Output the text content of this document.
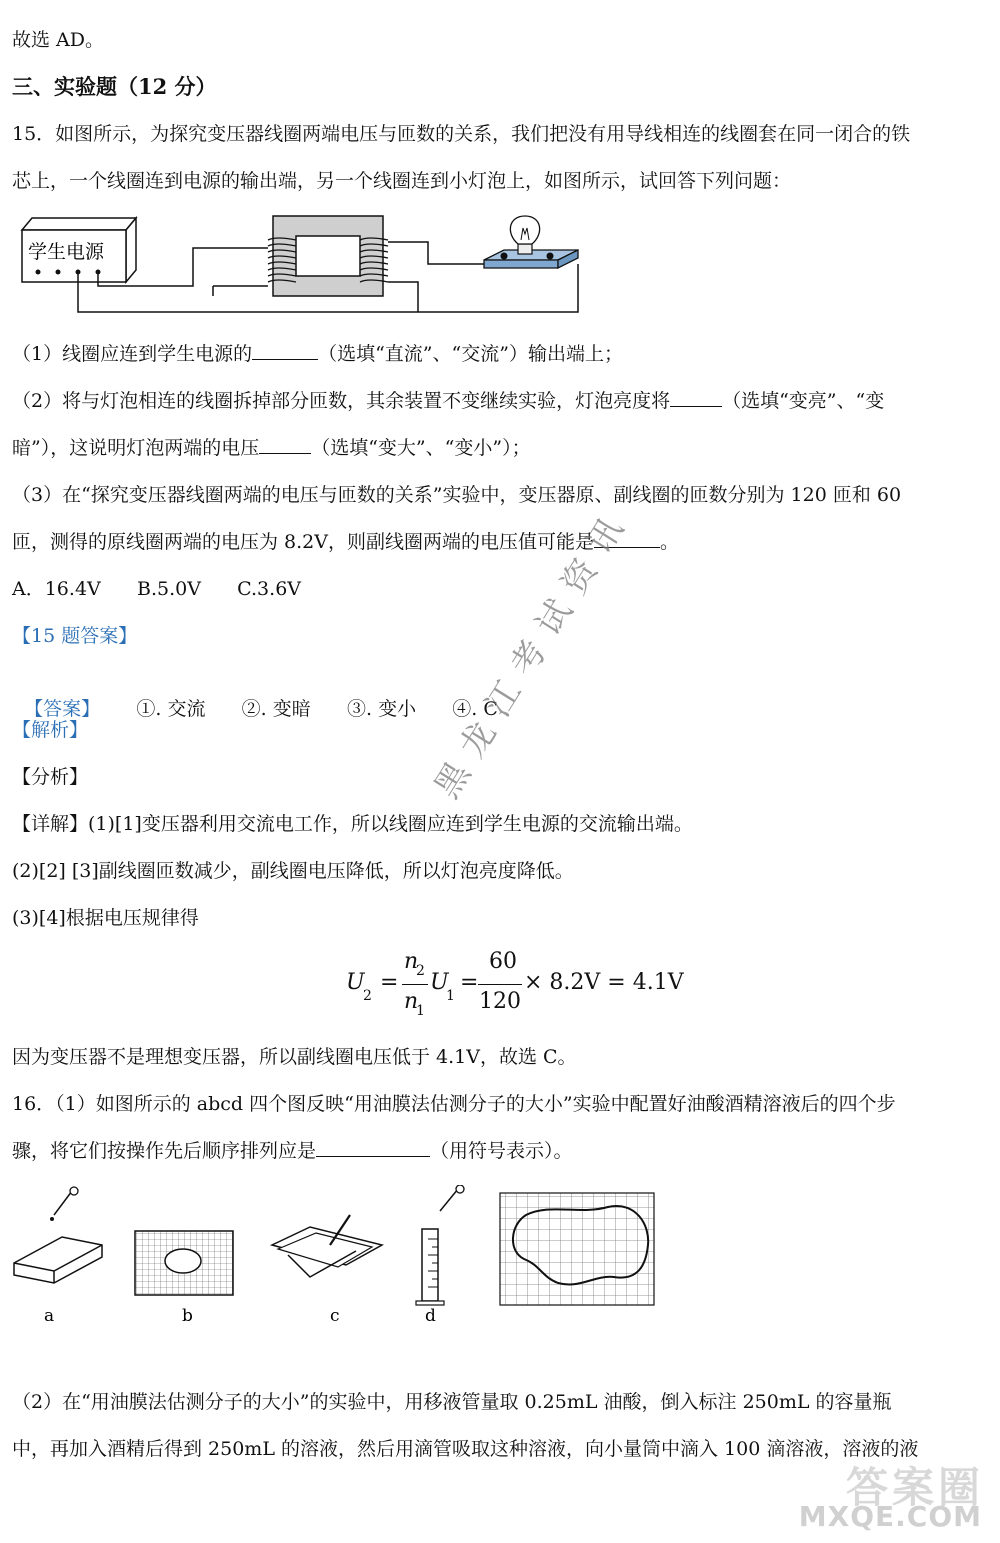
故选 AD。
三、实验题（12 分）
15．如图所示，为探究变压器线圈两端电压与匝数的关系，我们把没有用导线相连的线圈套在同一闭合的铁
芯上，一个线圈连到电源的输出端，另一个线圈连到小灯泡上，如图所示，试回答下列问题：
学生电源
（1）线圈应连到学生电源的	（选填“直流”、“交流”）输出端上；
（2）将与灯泡相连的线圈拆掉部分匝数，其余装置不变继续实验，灯泡亮度将	（选填“变亮”、“变
暗”），这说明灯泡两端的电压	（选填“变大”、“变小”）；
（3）在“探究变压器线圈两端的电压与匝数的关系”实验中，变压器原、副线圈的匝数分别为 120 匝和 60
匝，测得的原线圈两端的电压为 8.2V，则副线圈两端的电压值可能是	。
A．16.4V      B.5.0V      C.3.6V
【15 题答案】

【答案】 ①. 交流      ②. 变暗      ③. 变小      ④. C

【解析】
【分析】
【详解】(1)[1]变压器利用交流电工作，所以线圈应连到学生电源的交流输出端。
(2)[2] [3]副线圈匝数减少，副线圈电压降低，所以灯泡亮度降低。
(3)[4]根据电压规律得
U
2
=
n
2
n
1
U
1
=
60
120
× 8.2V = 4.1V
因为变压器不是理想变压器，所以副线圈电压低于 4.1V，故选 C。
16．（1）如图所示的 abcd 四个图反映“用油膜法估测分子的大小”实验中配置好油酸酒精溶液后的四个步
骤，将它们按操作先后顺序排列应是	（用符号表示）。
a	b	c	d
（2）在“用油膜法估测分子的大小”的实验中，用移液管量取 0.25mL 油酸，倒入标注 250mL 的容量瓶
中，再加入酒精后得到 250mL 的溶液，然后用滴管吸取这种溶液，向小量筒中滴入 100 滴溶液，溶液的液
黑龙江考试资讯
答案圈
MXQE.COM
